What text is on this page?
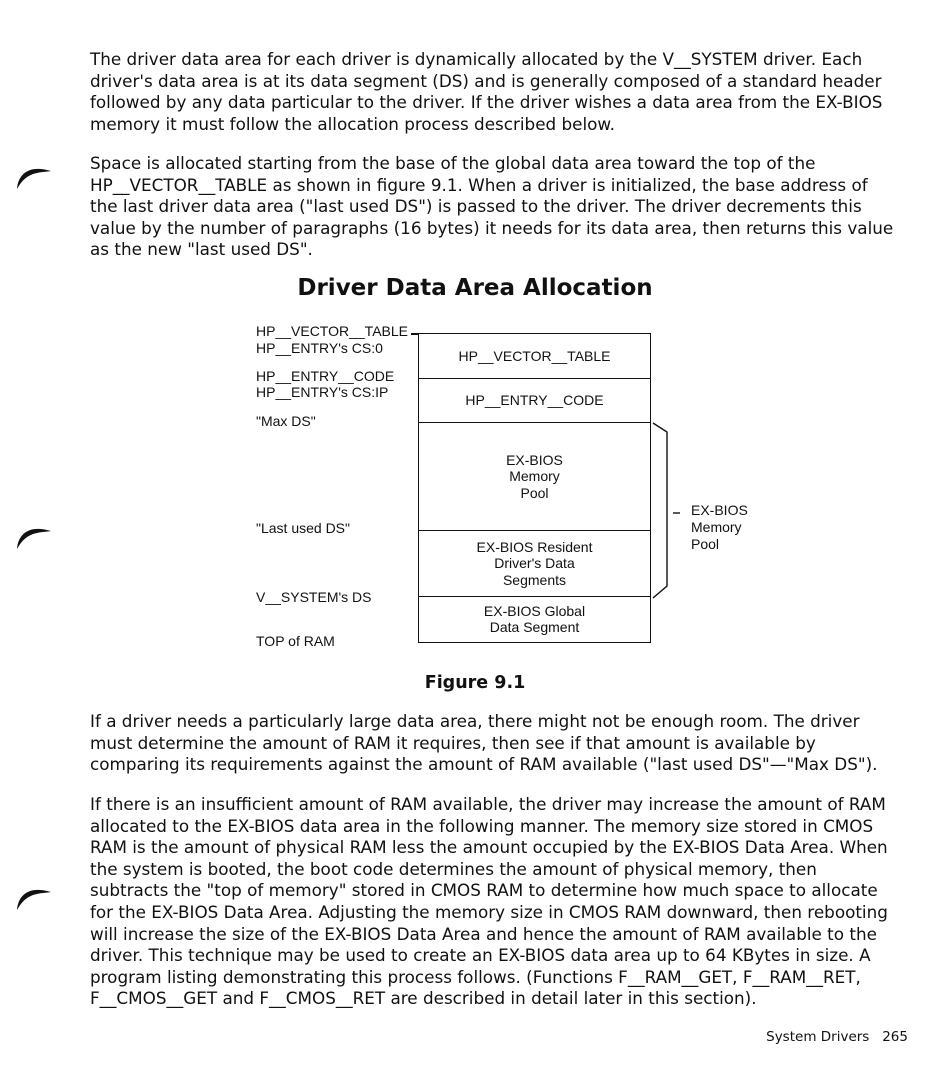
The driver data area for each driver is dynamically allocated by the V__SYSTEM driver. Each driver's data area is at its data segment (DS) and is generally composed of a standard header followed by any data particular to the driver. If the driver wishes a data area from the EX-BIOS memory it must follow the allocation process described below.

Space is allocated starting from the base of the global data area toward the top of the HP__VECTOR__TABLE as shown in figure 9.1. When a driver is initialized, the base address of the last driver data area ("last used DS") is passed to the driver. The driver decrements this value by the number of paragraphs (16 bytes) it needs for its data area, then returns this value as the new "last used DS".

Driver Data Area Allocation
HP__VECTOR__TABLE
HP__ENTRY's CS:0
HP__ENTRY__CODE
HP__ENTRY's CS:IP
"Max DS"
"Last used DS"
V__SYSTEM's DS
TOP of RAM
HP__VECTOR__TABLE
HP__ENTRY__CODE
EX-BIOS
Memory
Pool
EX-BIOS Resident
Driver's Data
Segments
EX-BIOS Global
Data Segment
EX-BIOS
Memory
Pool
Figure 9.1

If a driver needs a particularly large data area, there might not be enough room. The driver must determine the amount of RAM it requires, then see if that amount is available by comparing its requirements against the amount of RAM available ("last used DS"—"Max DS").

If there is an insufficient amount of RAM available, the driver may increase the amount of RAM allocated to the EX-BIOS data area in the following manner. The memory size stored in CMOS RAM is the amount of physical RAM less the amount occupied by the EX-BIOS Data Area. When the system is booted, the boot code determines the amount of physical memory, then subtracts the "top of memory" stored in CMOS RAM to determine how much space to allocate for the EX-BIOS Data Area. Adjusting the memory size in CMOS RAM downward, then rebooting will increase the size of the EX-BIOS Data Area and hence the amount of RAM available to the driver. This technique may be used to create an EX-BIOS data area up to 64 KBytes in size. A program listing demonstrating this process follows. (Functions F__RAM__GET, F__RAM__RET, F__CMOS__GET and F__CMOS__RET are described in detail later in this section).

System Drivers 265
